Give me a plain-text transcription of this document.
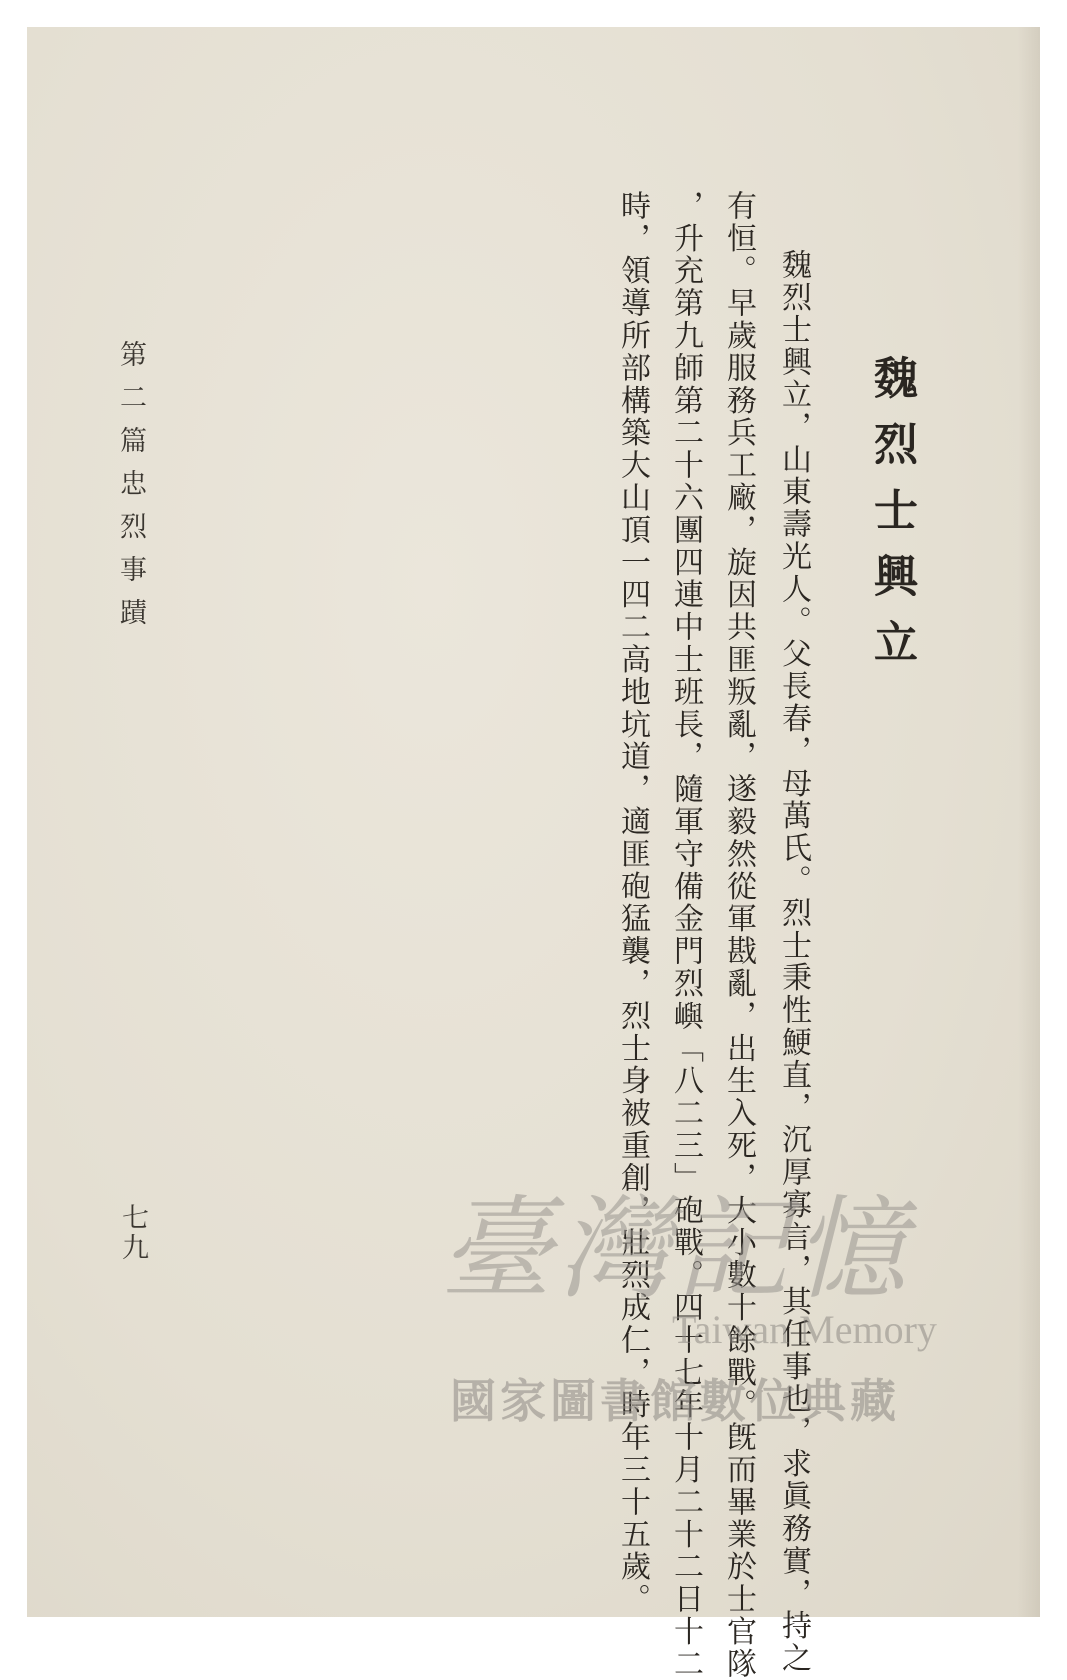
魏烈士興立
魏烈士興立，山東壽光人。父長春，母萬氏。烈士秉性鯁直，沉厚寡言，其任事也，求眞務實，持之
有恒。早歲服務兵工廠，旋因共匪叛亂，遂毅然從軍戡亂，出生入死，大小數十餘戰。旣而畢業於士官隊
，升充第九師第二十六團四連中士班長，隨軍守備金門烈嶼「八二三」砲戰。四十七年十月二十二日十二
時，領導所部構築大山頂一四二高地坑道，適匪砲猛襲，烈士身被重創，壯烈成仁，時年三十五歲。
第二篇忠烈事蹟
七九	臺灣記憶
Taiwan Memory
國家圖書館數位典藏
